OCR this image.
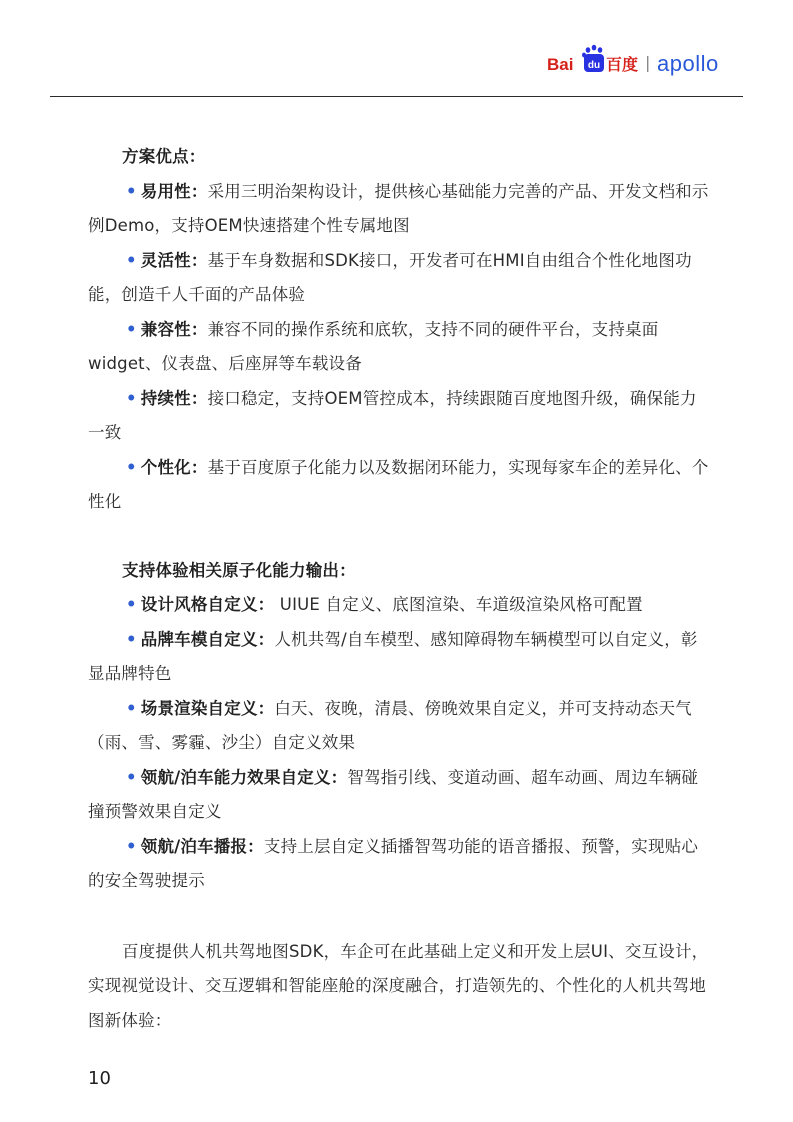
Bai du 百度 apollo
方案优点：

• 易用性：采用三明治架构设计，提供核心基础能力完善的产品、开发文档和示例Demo，支持OEM快速搭建个性专属地图

• 灵活性：基于车身数据和SDK接口，开发者可在HMI自由组合个性化地图功能，创造千人千面的产品体验

• 兼容性：兼容不同的操作系统和底软，支持不同的硬件平台，支持桌面widget、仪表盘、后座屏等车载设备

• 持续性：接口稳定，支持OEM管控成本，持续跟随百度地图升级，确保能力一致

• 个性化：基于百度原子化能力以及数据闭环能力，实现每家车企的差异化、个性化

支持体验相关原子化能力输出：

• 设计风格自定义： UIUE 自定义、底图渲染、车道级渲染风格可配置

• 品牌车模自定义：人机共驾/自车模型、感知障碍物车辆模型可以自定义，彰显品牌特色

• 场景渲染自定义：白天、夜晚，清晨、傍晚效果自定义，并可支持动态天气（雨、雪、雾霾、沙尘）自定义效果

• 领航/泊车能力效果自定义：智驾指引线、变道动画、超车动画、周边车辆碰撞预警效果自定义

• 领航/泊车播报：支持上层自定义插播智驾功能的语音播报、预警，实现贴心的安全驾驶提示

百度提供人机共驾地图SDK，车企可在此基础上定义和开发上层UI、交互设计，实现视觉设计、交互逻辑和智能座舱的深度融合，打造领先的、个性化的人机共驾地图新体验：

10
